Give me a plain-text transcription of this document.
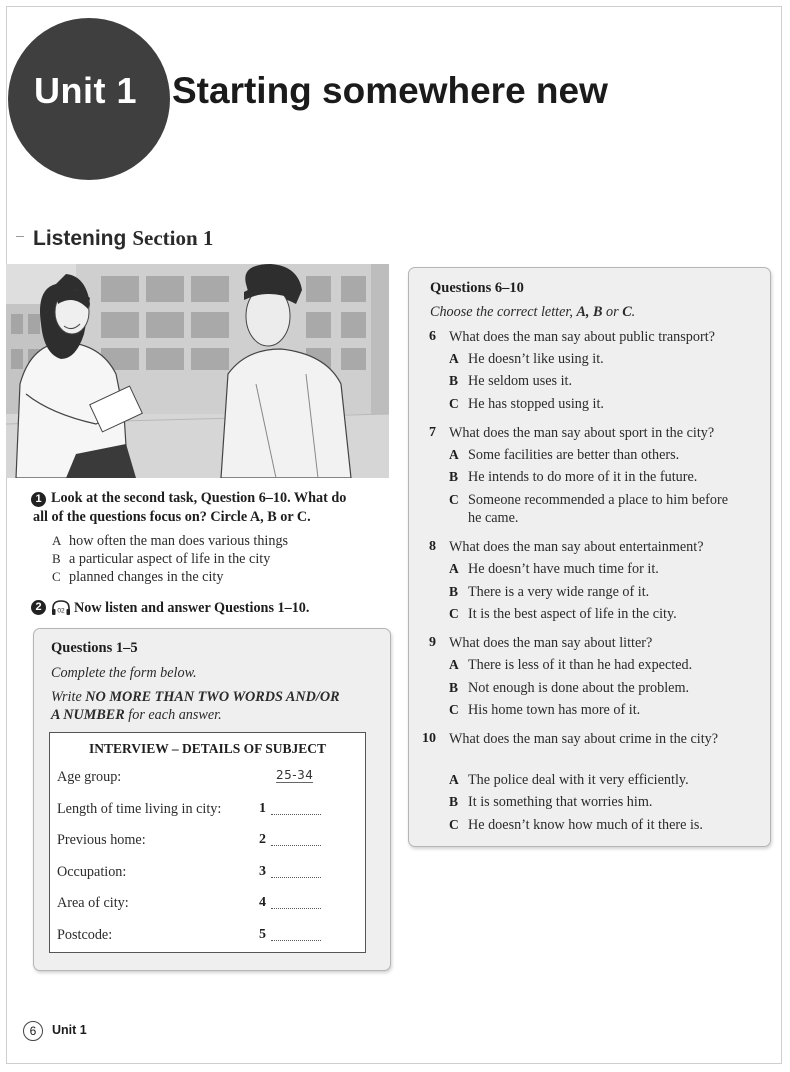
Unit 1 Starting somewhere new
Listening Section 1
1 Look at the second task, Question 6–10. What do
all of the questions focus on? Circle A, B or C.
A how often the man does various things
B a particular aspect of life in the city
C planned changes in the city
2	02 Now listen and answer Questions 1–10.
Questions 1–5
Complete the form below.
Write NO MORE THAN TWO WORDS AND/OR
A NUMBER for each answer.
INTERVIEW – DETAILS OF SUBJECT
Age group:	25-34
Length of time living in city:	1
Previous home:	2
Occupation:	3
Area of city:	4
Postcode:	5
Questions 6–10
Choose the correct letter, A, B or C.
6 What does the man say about public transport?
A He doesn’t like using it.
B He seldom uses it.
C He has stopped using it.
7 What does the man say about sport in the city?
A Some facilities are better than others.
B He intends to do more of it in the future.
C Someone recommended a place to him before he came.
8 What does the man say about entertainment?
A He doesn’t have much time for it.
B There is a very wide range of it.
C It is the best aspect of life in the city.
9 What does the man say about litter?
A There is less of it than he had expected.
B Not enough is done about the problem.
C His home town has more of it.
10 What does the man say about crime in the city?
A The police deal with it very efficiently.
B It is something that worries him.
C He doesn’t know how much of it there is.
6	Unit 1
